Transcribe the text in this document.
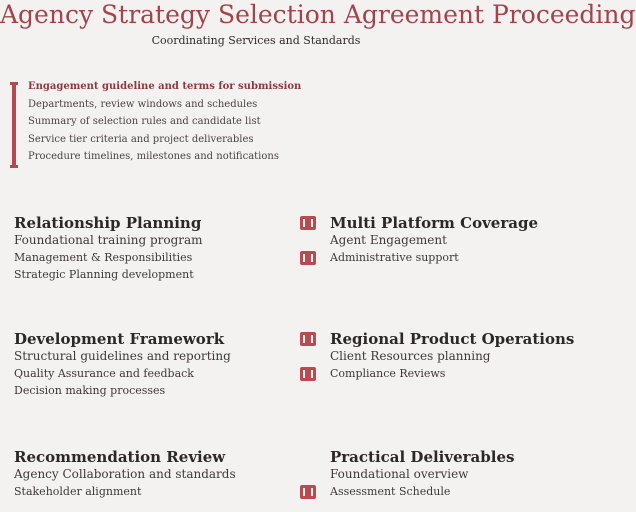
Agency Strategy Selection Agreement Proceeding
Coordinating Services and Standards
Engagement guideline and terms for submission
Departments, review windows and schedules
Summary of selection rules and candidate list
Service tier criteria and project deliverables
Procedure timelines, milestones and notifications
Relationship Planning
Foundational training program
Management & Responsibilities
Strategic Planning development
Development Framework
Structural guidelines and reporting
Quality Assurance and feedback
Decision making processes
Recommendation Review
Agency Collaboration and standards
Stakeholder alignment
Multi Platform Coverage
Agent Engagement
Administrative support
Regional Product Operations
Client Resources planning
Compliance Reviews
Practical Deliverables
Foundational overview
Assessment Schedule
